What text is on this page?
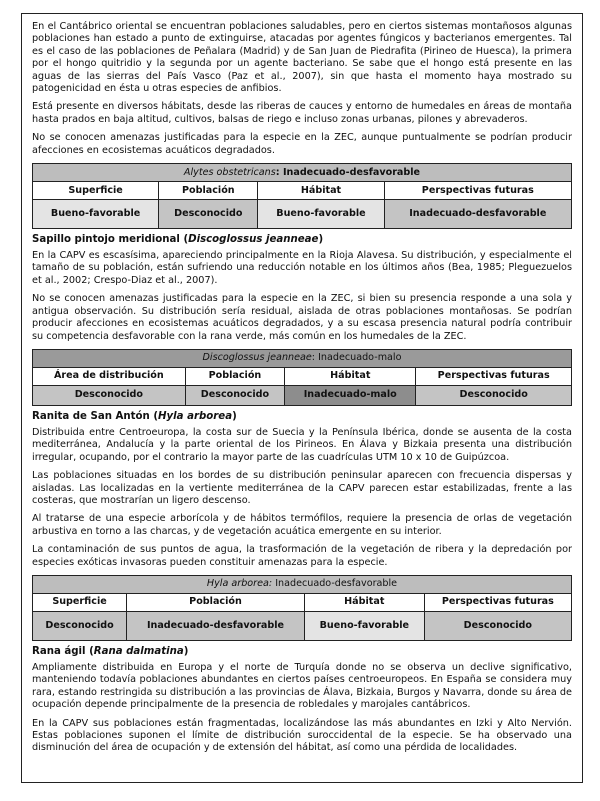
En el Cantábrico oriental se encuentran poblaciones saludables, pero en ciertos sistemas montañosos algunas poblaciones han estado a punto de extinguirse, atacadas por agentes fúngicos y bacterianos emergentes. Tal es el caso de las poblaciones de Peñalara (Madrid) y de San Juan de Piedrafita (Pirineo de Huesca), la primera por el hongo quitridio y la segunda por un agente bacteriano. Se sabe que el hongo está presente en las aguas de las sierras del País Vasco (Paz et al., 2007), sin que hasta el momento haya mostrado su patogenicidad en ésta u otras especies de anfibios.

Está presente en diversos hábitats, desde las riberas de cauces y entorno de humedales en áreas de montaña hasta prados en baja altitud, cultivos, balsas de riego e incluso zonas urbanas, pilones y abrevaderos.

No se conocen amenazas justificadas para la especie en la ZEC, aunque puntualmente se podrían producir afecciones en ecosistemas acuáticos degradados.

Alytes obstetricans: Inadecuado-desfavorable			
Superficie	Población	Hábitat	Perspectivas futuras
Bueno-favorable	Desconocido	Bueno-favorable	Inadecuado-desfavorable
Sapillo pintojo meridional (Discoglossus jeanneae)

En la CAPV es escasísima, apareciendo principalmente en la Rioja Alavesa. Su distribución, y especialmente el tamaño de su población, están sufriendo una reducción notable en los últimos años (Bea, 1985; Pleguezuelos et al., 2002; Crespo-Diaz et al., 2007).

No se conocen amenazas justificadas para la especie en la ZEC, si bien su presencia responde a una sola y antigua observación. Su distribución sería residual, aislada de otras poblaciones montañosas. Se podrían producir afecciones en ecosistemas acuáticos degradados, y a su escasa presencia natural podría contribuir su competencia desfavorable con la rana verde, más común en los humedales de la ZEC.

Discoglossus jeanneae: Inadecuado-malo			
Área de distribución	Población	Hábitat	Perspectivas futuras
Desconocido	Desconocido	Inadecuado-malo	Desconocido
Ranita de San Antón (Hyla arborea)

Distribuida entre Centroeuropa, la costa sur de Suecia y la Península Ibérica, donde se ausenta de la costa mediterránea, Andalucía y la parte oriental de los Pirineos. En Álava y Bizkaia presenta una distribución irregular, ocupando, por el contrario la mayor parte de las cuadrículas UTM 10 x 10 de Guipúzcoa.

Las poblaciones situadas en los bordes de su distribución peninsular aparecen con frecuencia dispersas y aisladas. Las localizadas en la vertiente mediterránea de la CAPV parecen estar estabilizadas, frente a las costeras, que mostrarían un ligero descenso.

Al tratarse de una especie arborícola y de hábitos termófilos, requiere la presencia de orlas de vegetación arbustiva en torno a las charcas, y de vegetación acuática emergente en su interior.

La contaminación de sus puntos de agua, la trasformación de la vegetación de ribera y la depredación por especies exóticas invasoras pueden constituir amenazas para la especie.

Hyla arborea: Inadecuado-desfavorable			
Superficie	Población	Hábitat	Perspectivas futuras
Desconocido	Inadecuado-desfavorable	Bueno-favorable	Desconocido
Rana ágil (Rana dalmatina)

Ampliamente distribuida en Europa y el norte de Turquía donde no se observa un declive significativo, manteniendo todavía poblaciones abundantes en ciertos países centroeuropeos. En España se considera muy rara, estando restringida su distribución a las provincias de Álava, Bizkaia, Burgos y Navarra, donde su área de ocupación depende principalmente de la presencia de robledales y marojales cantábricos.

En la CAPV sus poblaciones están fragmentadas, localizándose las más abundantes en Izki y Alto Nervión. Estas poblaciones suponen el límite de distribución suroccidental de la especie. Se ha observado una disminución del área de ocupación y de extensión del hábitat, así como una pérdida de localidades.
